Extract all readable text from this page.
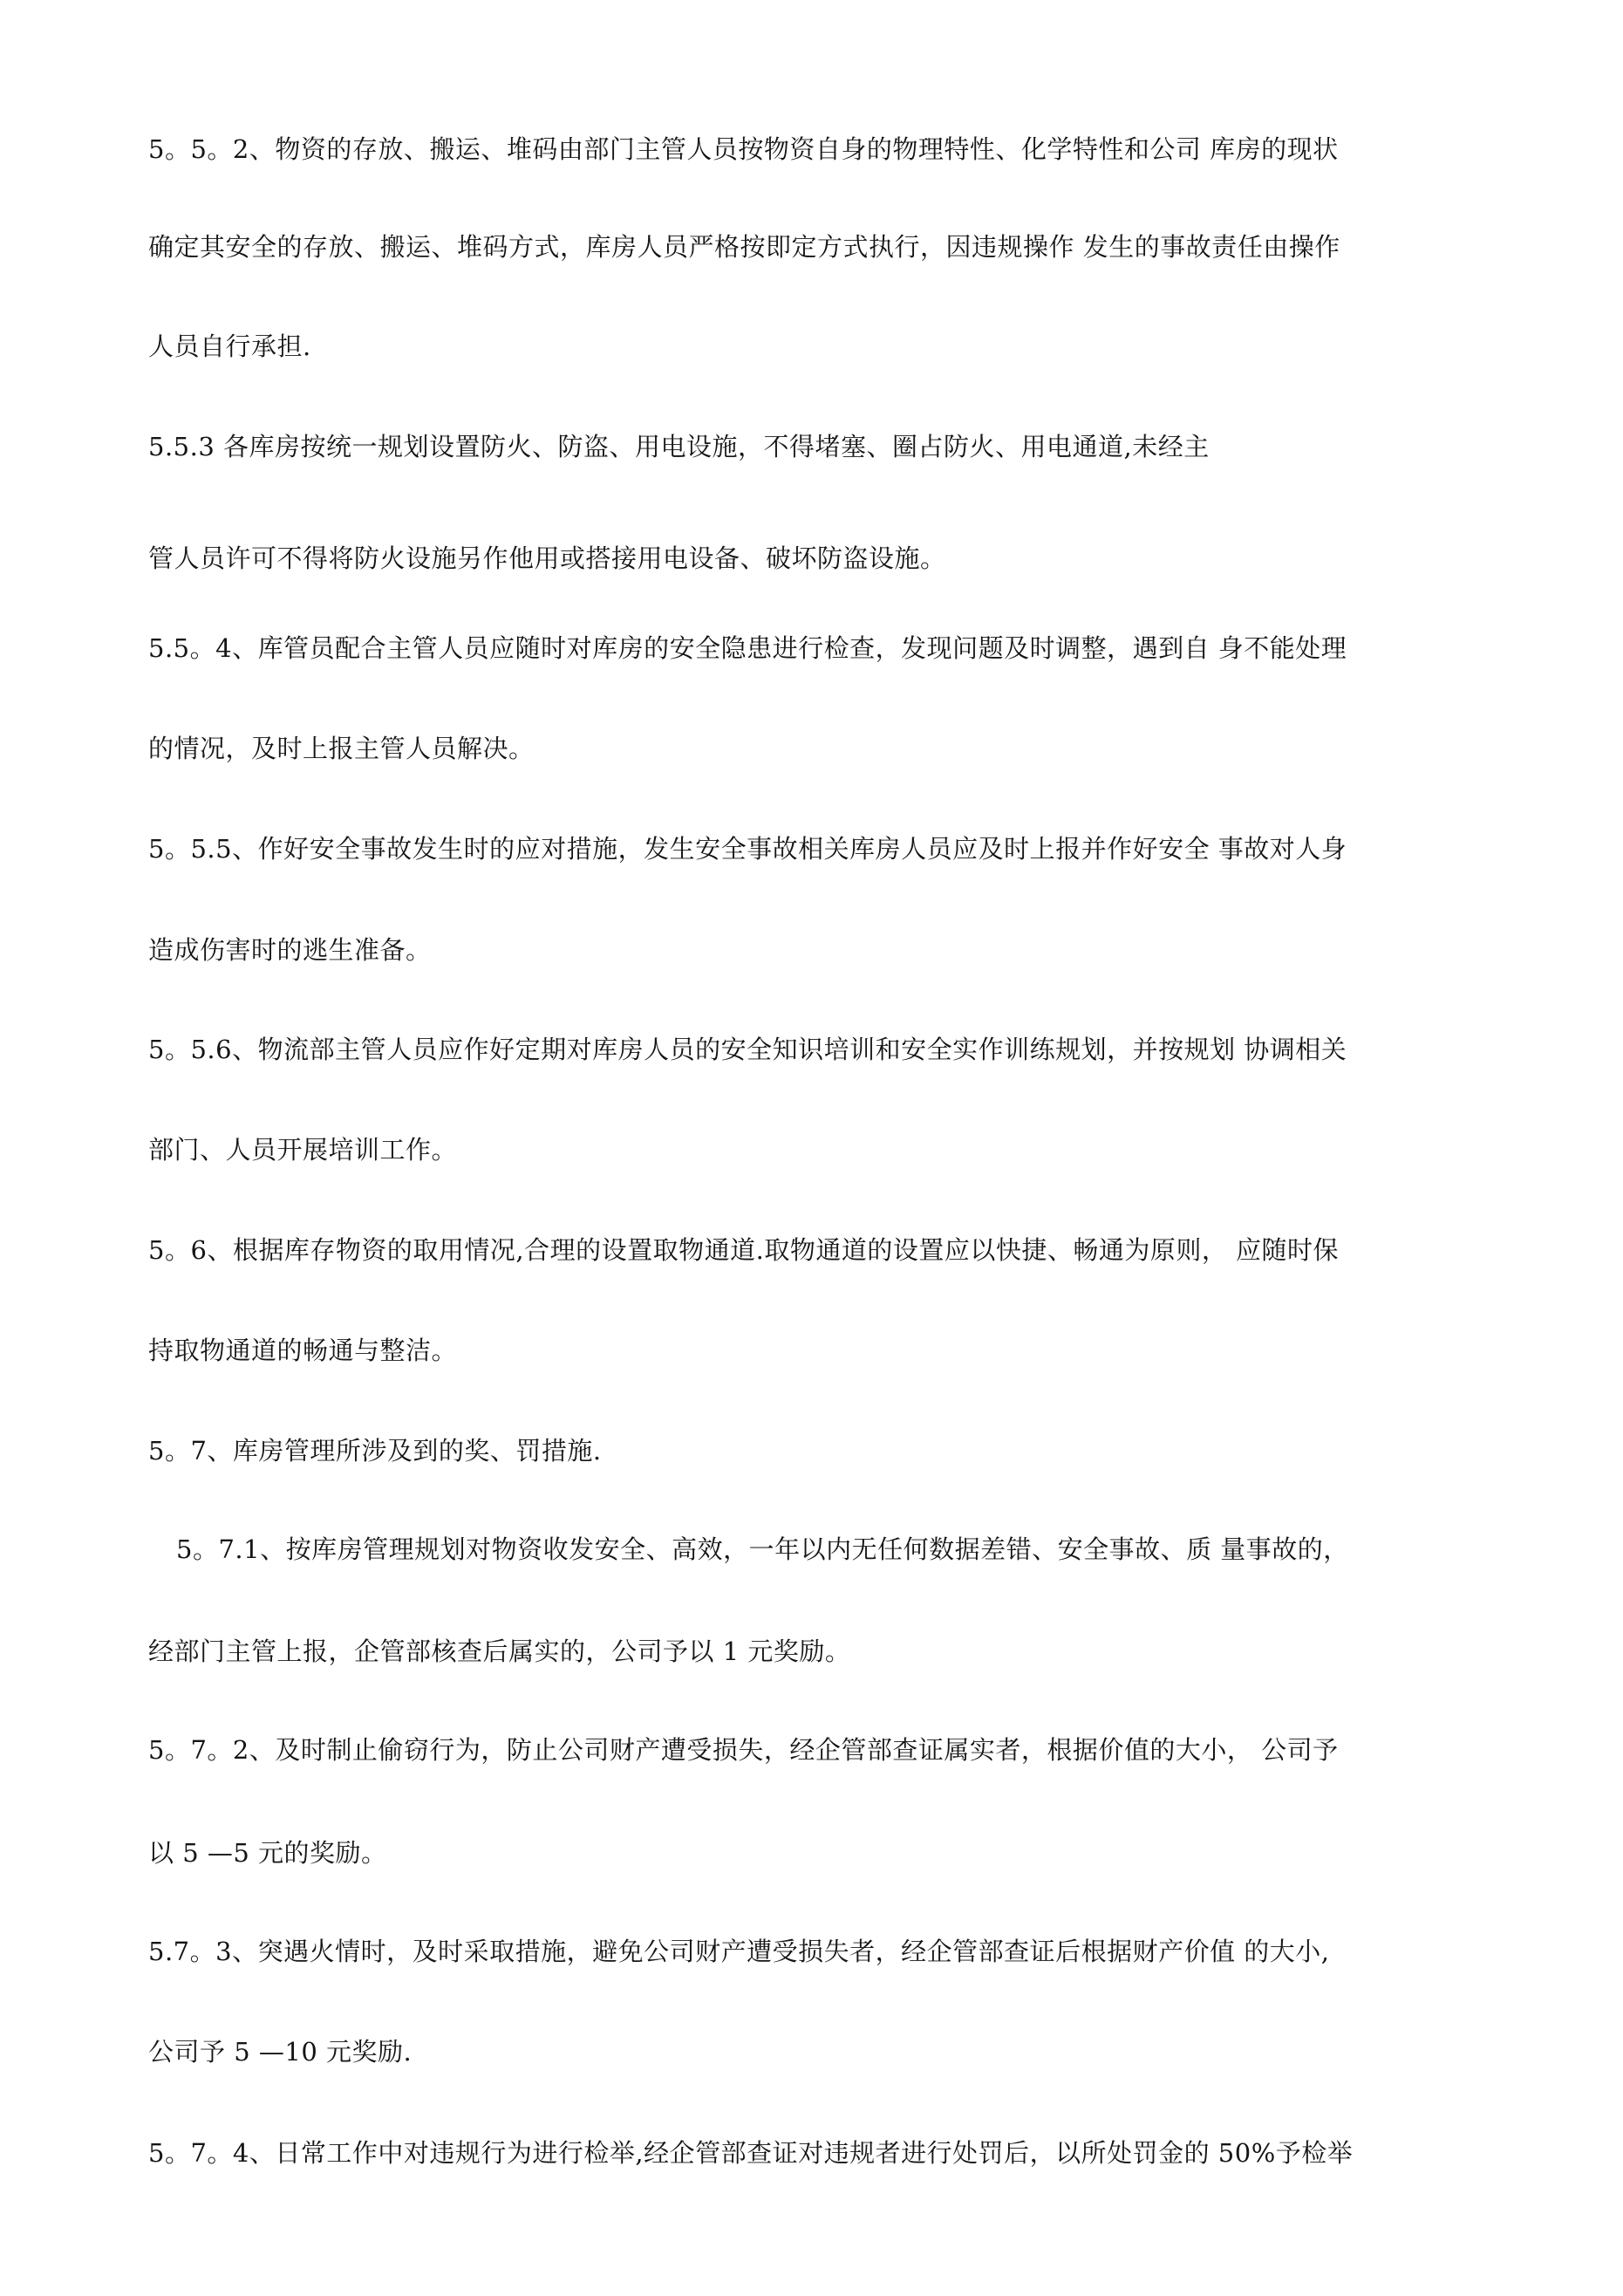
5。5。2、物资的存放、搬运、堆码由部门主管人员按物资自身的物理特性、化学特性和公司 库房的现状
确定其安全的存放、搬运、堆码方式，库房人员严格按即定方式执行，因违规操作 发生的事故责任由操作
人员自行承担.
5.5.3 各库房按统一规划设置防火、防盗、用电设施，不得堵塞、圈占防火、用电通道,未经主
管人员许可不得将防火设施另作他用或搭接用电设备、破坏防盗设施。
5.5。4、库管员配合主管人员应随时对库房的安全隐患进行检查，发现问题及时调整，遇到自 身不能处理
的情况，及时上报主管人员解决。
5。5.5、作好安全事故发生时的应对措施，发生安全事故相关库房人员应及时上报并作好安全 事故对人身
造成伤害时的逃生准备。
5。5.6、物流部主管人员应作好定期对库房人员的安全知识培训和安全实作训练规划，并按规划 协调相关
部门、人员开展培训工作。
5。6、根据库存物资的取用情况,合理的设置取物通道.取物通道的设置应以快捷、畅通为原则， 应随时保
持取物通道的畅通与整洁。
5。7、库房管理所涉及到的奖、罚措施.
5。7.1、按库房管理规划对物资收发安全、高效，一年以内无任何数据差错、安全事故、质 量事故的，
经部门主管上报，企管部核查后属实的，公司予以 1 元奖励。
5。7。2、及时制止偷窃行为，防止公司财产遭受损失，经企管部查证属实者，根据价值的大小， 公司予
以 5 —5 元的奖励。
5.7。3、突遇火情时，及时采取措施，避免公司财产遭受损失者，经企管部查证后根据财产价值 的大小,
公司予 5 —10 元奖励.
5。7。4、日常工作中对违规行为进行检举,经企管部查证对违规者进行处罚后，以所处罚金的 50%予检举
